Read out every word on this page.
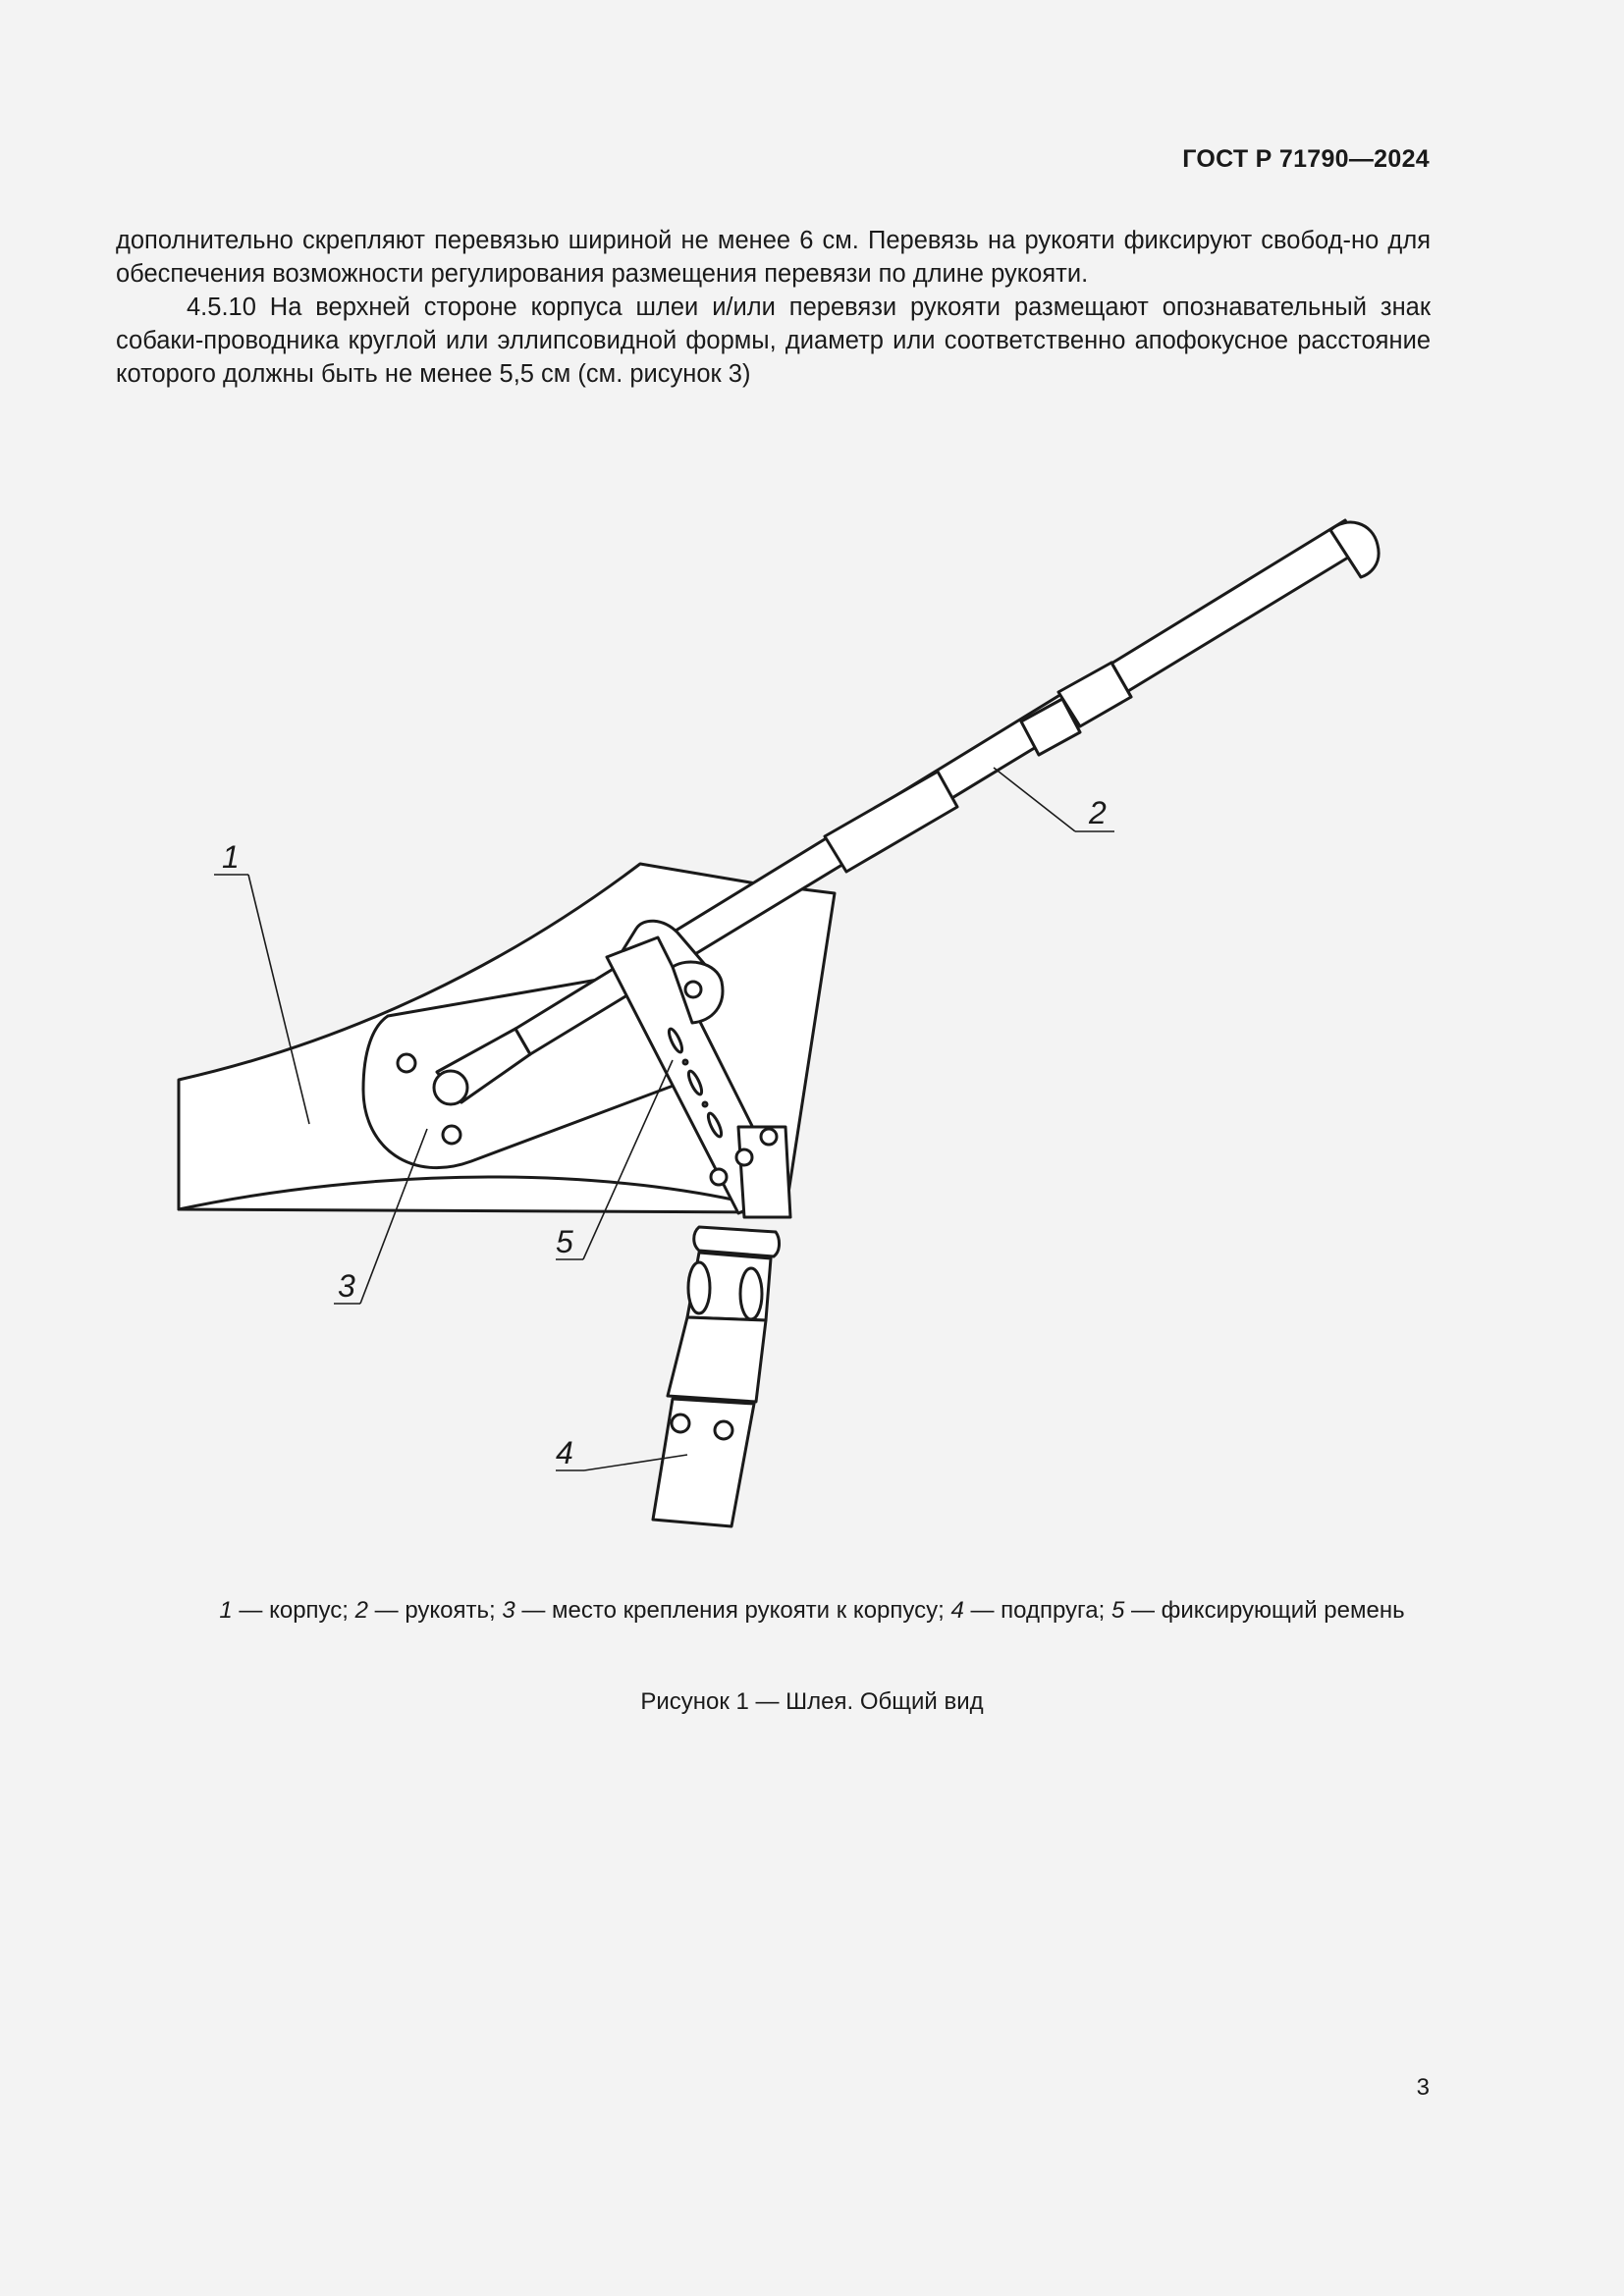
ГОСТ Р 71790—2024

дополнительно скрепляют перевязью шириной не менее 6 см. Перевязь на рукояти фиксируют свобод-но для обеспечения возможности регулирования размещения перевязи по длине рукояти.

4.5.10 На верхней стороне корпуса шлеи и/или перевязи рукояти размещают опознавательный знак собаки-проводника круглой или эллипсовидной формы, диаметр или соответственно апофокусное расстояние которого должны быть не менее 5,5 см (см. рисунок 3)

1
2
3
5
4
1 — корпус; 2 — рукоять; 3 — место крепления рукояти к корпусу; 4 — подпруга; 5 — фиксирующий ремень
Рисунок 1 — Шлея. Общий вид
3
